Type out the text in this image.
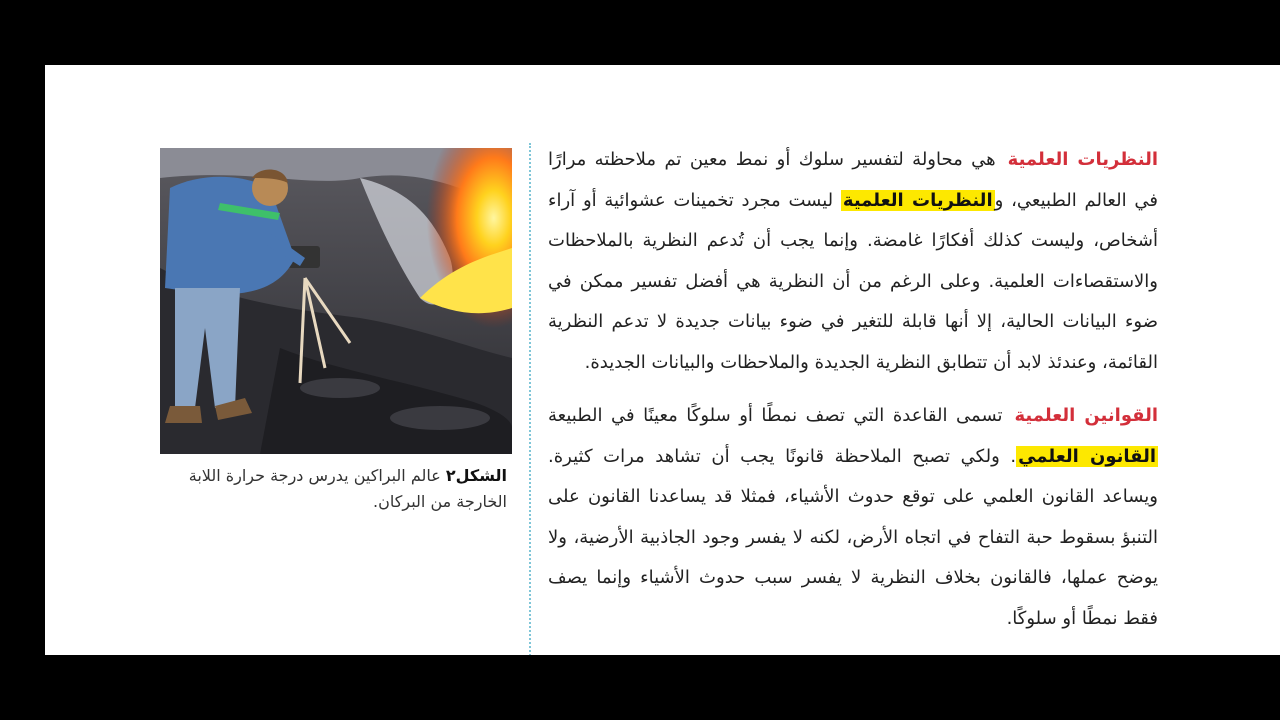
الشكل٢ عالم البراكين يدرس درجة حرارة اللابة الخارجة من البركان.

النظريات العلميةهي محاولة لتفسير سلوك أو نمط معين تم ملاحظته مرارًا في العالم الطبيعي، والنظريات العلمية ليست مجرد تخمينات عشوائية أو آراء أشخاص، وليست كذلك أفكارًا غامضة. وإنما يجب أن تُدعم النظرية بالملاحظات والاستقصاءات العلمية. وعلى الرغم من أن النظرية هي أفضل تفسير ممكن في ضوء البيانات الحالية، إلا أنها قابلة للتغير في ضوء بيانات جديدة لا تدعم النظرية القائمة، وعندئذ لابد أن تتطابق النظرية الجديدة والملاحظات والبيانات الجديدة.

القوانين العلميةتسمى القاعدة التي تصف نمطًا أو سلوكًا معينًا في الطبيعة القانون العلمي. ولكي تصبح الملاحظة قانونًا يجب أن تشاهد مرات كثيرة. ويساعد القانون العلمي على توقع حدوث الأشياء، فمثلا قد يساعدنا القانون على التنبؤ بسقوط حبة التفاح في اتجاه الأرض، لكنه لا يفسر وجود الجاذبية الأرضية، ولا يوضح عملها، فالقانون بخلاف النظرية لا يفسر سبب حدوث الأشياء وإنما يصف فقط نمطًا أو سلوكًا.
